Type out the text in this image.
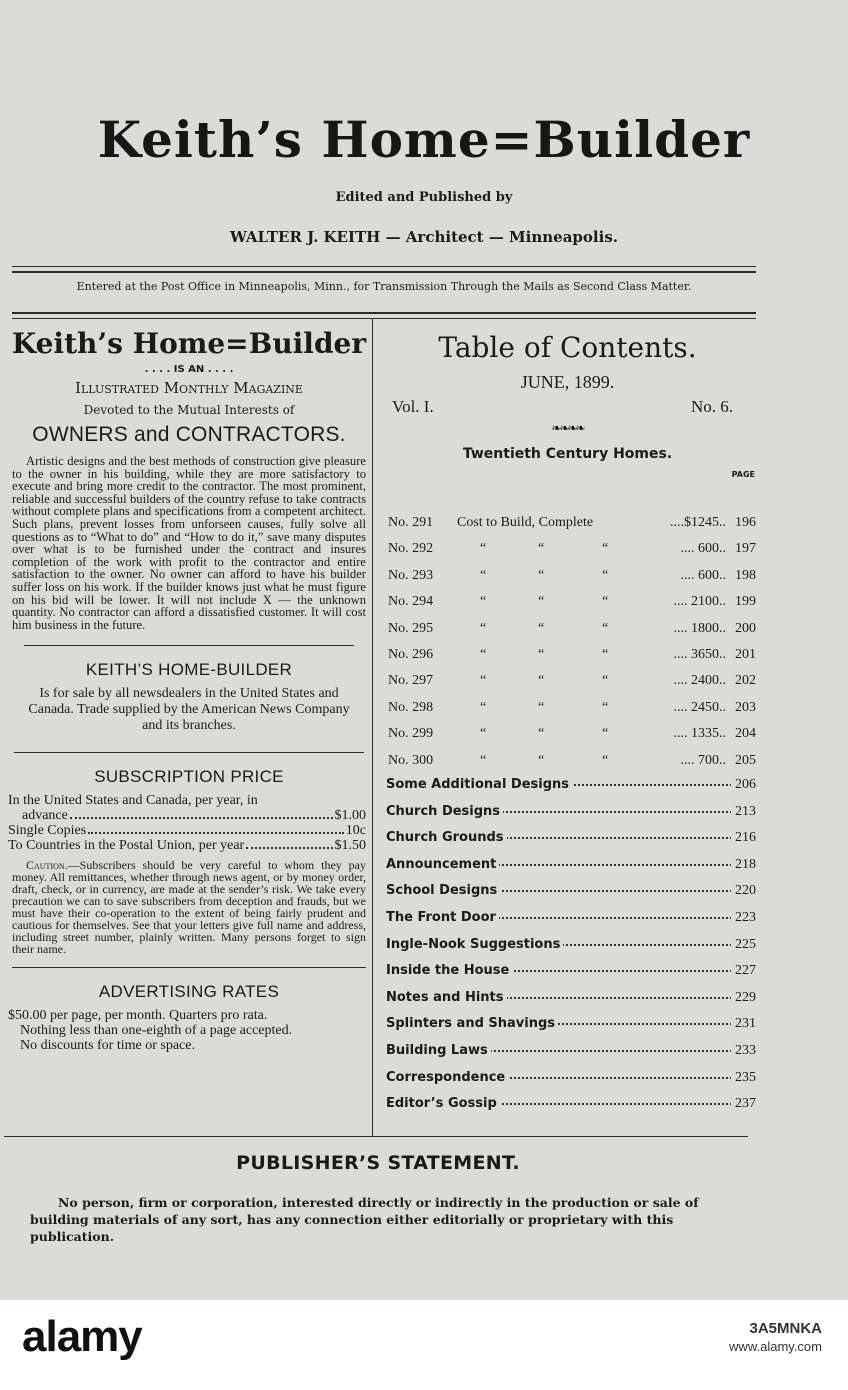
Keith’s Home=Builder
Edited and Published by
WALTER J. KEITH — Architect — Minneapolis.
Entered at the Post Office in Minneapolis, Minn., for Transmission Through the Mails as Second Class Matter.
Keith’s Home=Builder
. . . . IS AN . . . .
Illustrated Monthly Magazine
Devoted to the Mutual Interests of
OWNERS and CONTRACTORS.
Artistic designs and the best methods of construction give pleasure to the owner in his building, while they are more satisfactory to execute and bring more credit to the contractor. The most prominent, reliable and successful builders of the country refuse to take contracts without complete plans and specifications from a competent architect. Such plans, prevent losses from unforseen causes, fully solve all questions as to “What to do” and “How to do it,” save many disputes over what is to be furnished under the contract and insures completion of the work with profit to the contractor and entire satisfaction to the owner. No owner can afford to have his builder suffer loss on his work. If the builder knows just what he must figure on his bid will be lower. It will not include X — the unknown quantity. No contractor can afford a dissatisfied customer. It will cost him business in the future.
KEITH’S HOME-BUILDER
Is for sale by all newsdealers in the United States and Canada. Trade supplied by the American News Company and its branches.
SUBSCRIPTION PRICE
In the United States and Canada, per year, in
advance	$1.00
Single Copies	10c
To Countries in the Postal Union, per year	$1.50
Caution.—Subscribers should be very careful to whom they pay money. All remittances, whether through news agent, or by money order, draft, check, or in currency, are made at the sender’s risk. We take every precaution we can to save subscribers from deception and frauds, but we must have their co-operation to the extent of being fairly prudent and cautious for themselves. See that your letters give full name and address, including street number, plainly written. Many persons forget to sign their name.
ADVERTISING RATES
$50.00 per page, per month. Quarters pro rata.
Nothing less than one-eighth of a page accepted.
No discounts for time or space.
Table of Contents.
JUNE, 1899.
Vol. I.	No. 6.
❧❧❧❧
Twentieth Century Homes.
PAGE
No. 291 Cost to Build, Complete	....$1245.. 196
No. 292	“	“	“	.... 600.. 197
No. 293	“	“	“	.... 600.. 198
No. 294	“	“	“	.... 2100.. 199
No. 295	“	“	“	.... 1800.. 200
No. 296	“	“	“	.... 3650.. 201
No. 297	“	“	“	.... 2400.. 202
No. 298	“	“	“	.... 2450.. 203
No. 299	“	“	“	.... 1335.. 204
No. 300	“	“	“	.... 700.. 205
Some Additional Designs	206
Church Designs	213
Church Grounds	216
Announcement	218
School Designs	220
The Front Door	223
Ingle-Nook Suggestions	225
Inside the House	227
Notes and Hints	229
Splinters and Shavings	231
Building Laws	233
Correspondence	235
Editor’s Gossip	237
PUBLISHER’S STATEMENT.
No person, firm or corporation, interested directly or indirectly in the production or sale of building materials of any sort, has any connection either editorially or proprietary with this publication.
alamy	3A5MNKA
www.alamy.com
